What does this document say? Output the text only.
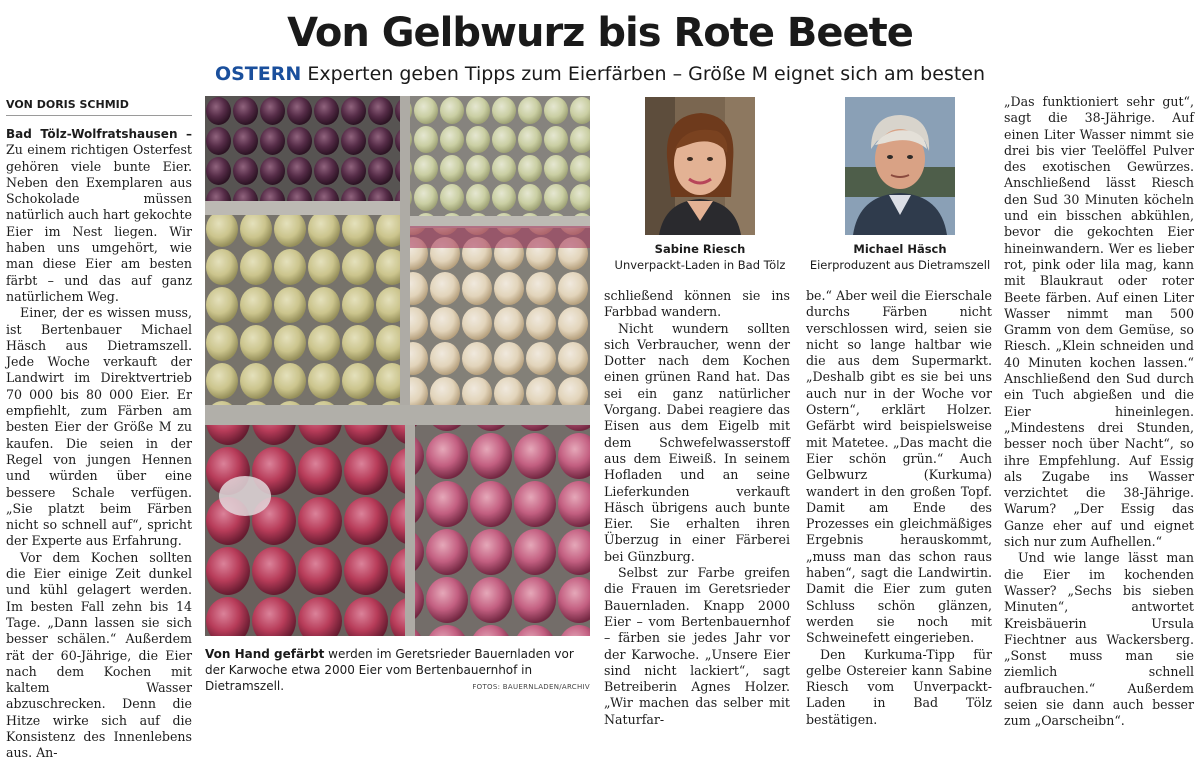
Von Gelbwurz bis Rote Beete
OSTERN Experten geben Tipps zum Eierfärben – Größe M eignet sich am besten
VON DORIS SCHMID

Bad Tölz-Wolfratshausen – Zu einem richtigen Osterfest gehören viele bunte Eier. Neben den Exemplaren aus Schokolade müssen natürlich auch hart gekochte Eier im Nest liegen. Wir haben uns umgehört, wie man diese Eier am besten färbt – und das auf ganz natürlichem Weg.

Einer, der es wissen muss, ist Bertenbauer Michael Häsch aus Dietramszell. Jede Woche verkauft der Landwirt im Direktvertrieb 70 000 bis 80 000 Eier. Er empfiehlt, zum Färben am besten Eier der Größe M zu kaufen. Die seien in der Regel von jungen Hennen und würden über eine bessere Schale verfügen. „Sie platzt beim Färben nicht so schnell auf“, spricht der Experte aus Erfahrung.

Vor dem Kochen sollten die Eier einige Zeit dunkel und kühl gelagert werden. Im besten Fall zehn bis 14 Tage. „Dann lassen sie sich besser schälen.“ Außerdem rät der 60-Jährige, die Eier nach dem Kochen mit kaltem Wasser abzuschrecken. Denn die Hitze wirke sich auf die Konsistenz des Innenlebens aus. An-

Von Hand gefärbt werden im Geretsrieder Bauernladen vor der Karwoche etwa 2000 Eier vom Bertenbauernhof in Dietramszell.	FOTOS: BAUERNLADEN/ARCHIV
Sabine Riesch
Unverpackt-Laden in Bad Tölz
Michael Häsch
Eierproduzent aus Dietramszell

schließend können sie ins Farbbad wandern.

Nicht wundern sollten sich Verbraucher, wenn der Dotter nach dem Kochen einen grünen Rand hat. Das sei ein ganz natürlicher Vorgang. Dabei reagiere das Eisen aus dem Eigelb mit dem Schwefelwasserstoff aus dem Eiweiß. In seinem Hofladen und an seine Lieferkunden verkauft Häsch übrigens auch bunte Eier. Sie erhalten ihren Überzug in einer Färberei bei Günzburg.

Selbst zur Farbe greifen die Frauen im Geretsrieder Bauernladen. Knapp 2000 Eier – vom Bertenbauernhof – färben sie jedes Jahr vor der Karwoche. „Unsere Eier sind nicht lackiert“, sagt Betreiberin Agnes Holzer. „Wir machen das selber mit Naturfar-

be.“ Aber weil die Eierschale durchs Färben nicht verschlossen wird, seien sie nicht so lange haltbar wie die aus dem Supermarkt. „Deshalb gibt es sie bei uns auch nur in der Woche vor Ostern“, erklärt Holzer. Gefärbt wird beispielsweise mit Matetee. „Das macht die Eier schön grün.“ Auch Gelbwurz (Kurkuma) wandert in den großen Topf. Damit am Ende des Prozesses ein gleichmäßiges Ergebnis herauskommt, „muss man das schon raus haben“, sagt die Landwirtin. Damit die Eier zum guten Schluss schön glänzen, werden sie noch mit Schweinefett eingerieben.

Den Kurkuma-Tipp für gelbe Ostereier kann Sabine Riesch vom Unverpackt-Laden in Bad Tölz bestätigen.

„Das funktioniert sehr gut“, sagt die 38-Jährige. Auf einen Liter Wasser nimmt sie drei bis vier Teelöffel Pulver des exotischen Gewürzes. Anschließend lässt Riesch den Sud 30 Minuten köcheln und ein bisschen abkühlen, bevor die gekochten Eier hineinwandern. Wer es lieber rot, pink oder lila mag, kann mit Blaukraut oder roter Beete färben. Auf einen Liter Wasser nimmt man 500 Gramm von dem Gemüse, so Riesch. „Klein schneiden und 40 Minuten kochen lassen.“ Anschließend den Sud durch ein Tuch abgießen und die Eier hineinlegen. „Mindestens drei Stunden, besser noch über Nacht“, so ihre Empfehlung. Auf Essig als Zugabe ins Wasser verzichtet die 38-Jährige. Warum? „Der Essig das Ganze eher auf und eignet sich nur zum Aufhellen.“

Und wie lange lässt man die Eier im kochenden Wasser? „Sechs bis sieben Minuten“, antwortet Kreisbäuerin Ursula Fiechtner aus Wackersberg. „Sonst muss man sie ziemlich schnell aufbrauchen.“ Außerdem seien sie dann auch besser zum „Oarscheibn“.
